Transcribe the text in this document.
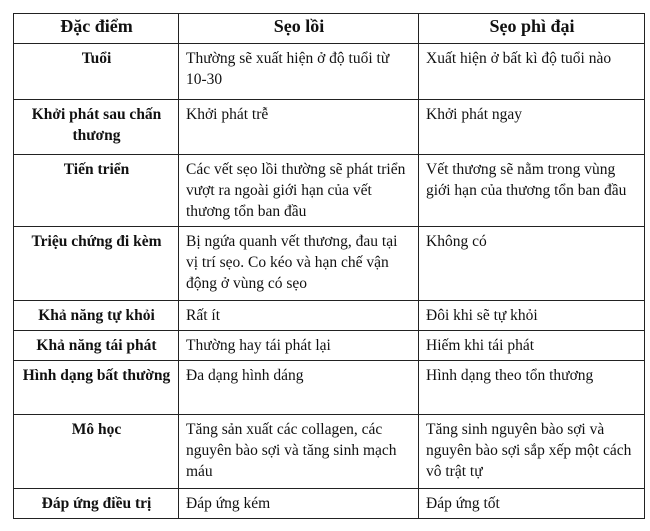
Đặc điểm	Sẹo lồi	Sẹo phì đại
Tuổi	Thường sẽ xuất hiện ở độ tuổi từ 10-30	Xuất hiện ở bất kì độ tuổi nào
Khởi phát sau chấn thương	Khởi phát trễ	Khởi phát ngay
Tiến triển	Các vết sẹo lồi thường sẽ phát triển vượt ra ngoài giới hạn của vết thương tổn ban đầu	Vết thương sẽ nằm trong vùng giới hạn của thương tổn ban đầu
Triệu chứng đi kèm	Bị ngứa quanh vết thương, đau tại vị trí sẹo. Co kéo và hạn chế vận động ở vùng có sẹo	Không có
Khả năng tự khỏi	Rất ít	Đôi khi sẽ tự khỏi
Khả năng tái phát	Thường hay tái phát lại	Hiếm khi tái phát
Hình dạng bất thường	Đa dạng hình dáng	Hình dạng theo tổn thương
Mô học	Tăng sản xuất các collagen, các nguyên bào sợi và tăng sinh mạch máu	Tăng sinh nguyên bào sợi và nguyên bào sợi sắp xếp một cách vô trật tự
Đáp ứng điều trị	Đáp ứng kém	Đáp ứng tốt
